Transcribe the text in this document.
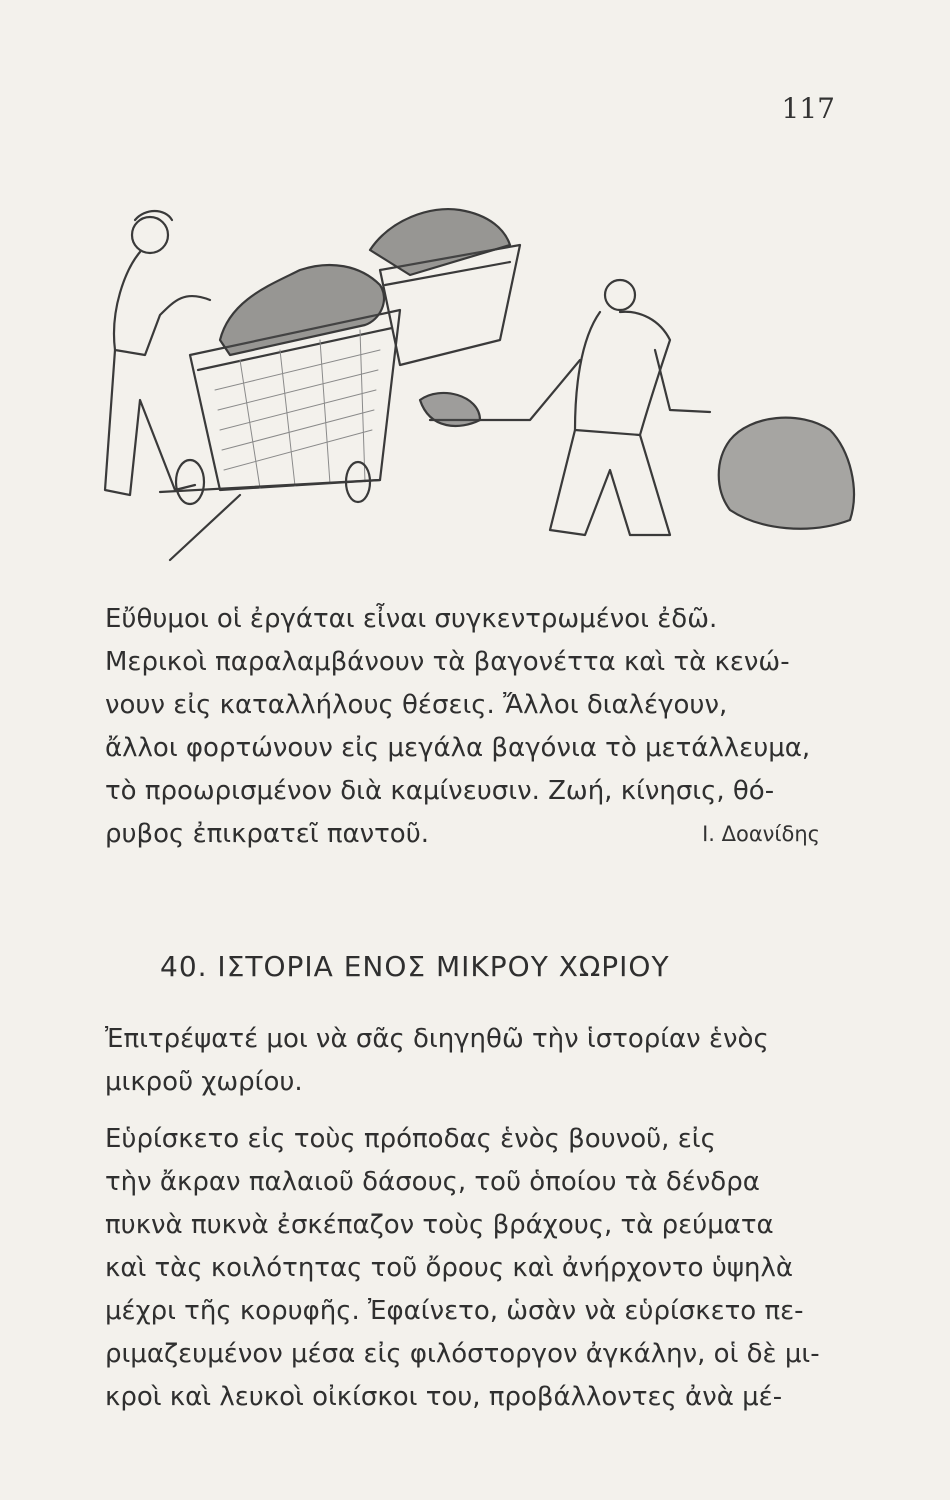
117
Εὔθυμοι οἱ ἐργάται εἶναι συγκεντρωμένοι ἐδῶ.
Μερικοὶ παραλαμβάνουν τὰ βαγονέττα καὶ τὰ κενώ-
νουν εἰς καταλλήλους θέσεις. Ἄλλοι διαλέγουν,
ἄλλοι φορτώνουν εἰς μεγάλα βαγόνια τὸ μετάλλευμα,
τὸ προωρισμένον διὰ καμίνευσιν. Ζωή, κίνησις, θό-
ρυβος ἐπικρατεῖ παντοῦ.	Ι. Δοανίδης
40. ΙΣΤΟΡΙΑ ΕΝΟΣ ΜΙΚΡΟΥ ΧΩΡΙΟΥ
Ἐπιτρέψατέ μοι νὰ σᾶς διηγηθῶ τὴν ἱστορίαν ἑνὸς
μικροῦ χωρίου.
Εὑρίσκετο εἰς τοὺς πρόποδας ἑνὸς βουνοῦ, εἰς
τὴν ἄκραν παλαιοῦ δάσους, τοῦ ὁποίου τὰ δένδρα
πυκνὰ πυκνὰ ἐσκέπαζον τοὺς βράχους, τὰ ρεύματα
καὶ τὰς κοιλότητας τοῦ ὄρους καὶ ἀνήρχοντο ὑψηλὰ
μέχρι τῆς κορυφῆς. Ἐφαίνετο, ὡσὰν νὰ εὑρίσκετο πε-
ριμαζευμένον μέσα εἰς φιλόστοργον ἀγκάλην, οἱ δὲ μι-
κροὶ καὶ λευκοὶ οἰκίσκοι του, προβάλλοντες ἀνὰ μέ-
